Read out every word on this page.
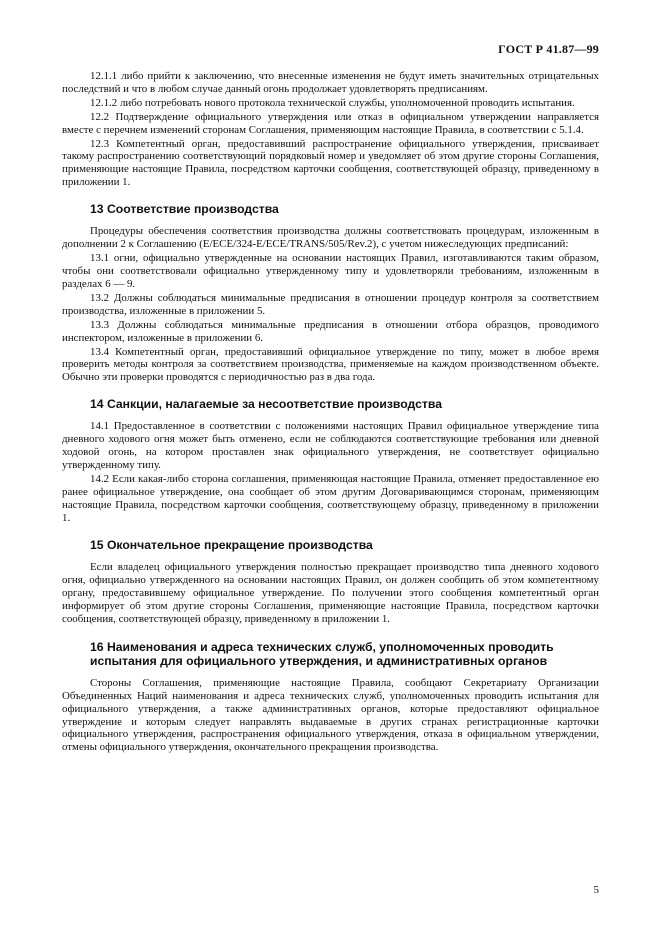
ГОСТ Р 41.87—99

12.1.1 либо прийти к заключению, что внесенные изменения не будут иметь значительных отрицательных последствий и что в любом случае данный огонь продолжает удовлетворять предписаниям.

12.1.2 либо потребовать нового протокола технической службы, уполномоченной проводить испытания.

12.2 Подтверждение официального утверждения или отказ в официальном утверждении направляется вместе с перечнем изменений сторонам Соглашения, применяющим настоящие Правила, в соответствии с 5.1.4.

12.3 Компетентный орган, предоставивший распространение официального утверждения, присваивает такому распространению соответствующий порядковый номер и уведомляет об этом другие стороны Соглашения, применяющие настоящие Правила, посредством карточки сообщения, соответствующей образцу, приведенному в приложении 1.

13 Соответствие производства

Процедуры обеспечения соответствия производства должны соответствовать процедурам, изложенным в дополнении 2 к Соглашению (E/ECE/324-E/ECE/TRANS/505/Rev.2), с учетом нижеследующих предписаний:

13.1 огни, официально утвержденные на основании настоящих Правил, изготавливаются таким образом, чтобы они соответствовали официально утвержденному типу и удовлетворяли требованиям, изложенным в разделах 6 — 9.

13.2 Должны соблюдаться минимальные предписания в отношении процедур контроля за соответствием производства, изложенные в приложении 5.

13.3 Должны соблюдаться минимальные предписания в отношении отбора образцов, проводимого инспектором, изложенные в приложении 6.

13.4 Компетентный орган, предоставивший официальное утверждение по типу, может в любое время проверить методы контроля за соответствием производства, применяемые на каждом производственном объекте. Обычно эти проверки проводятся с периодичностью раз в два года.

14 Санкции, налагаемые за несоответствие производства

14.1 Предоставленное в соответствии с положениями настоящих Правил официальное утверждение типа дневного ходового огня может быть отменено, если не соблюдаются соответствующие требования или дневной ходовой огонь, на котором проставлен знак официального утверждения, не соответствует официально утвержденному типу.

14.2 Если какая-либо сторона соглашения, применяющая настоящие Правила, отменяет предоставленное ею ранее официальное утверждение, она сообщает об этом другим Договаривающимся сторонам, применяющим настоящие Правила, посредством карточки сообщения, соответствующему образцу, приведенному в приложении 1.

15 Окончательное прекращение производства

Если владелец официального утверждения полностью прекращает производство типа дневного ходового огня, официально утвержденного на основании настоящих Правил, он должен сообщить об этом компетентному органу, предоставившему официальное утверждение. По получении этого сообщения компетентный орган информирует об этом другие стороны Соглашения, применяющие настоящие Правила, посредством карточки сообщения, соответствующей образцу, приведенному в приложении 1.

16 Наименования и адреса технических служб, уполномоченных проводить испытания для официального утверждения, и административных органов

Стороны Соглашения, применяющие настоящие Правила, сообщают Секретариату Организации Объединенных Наций наименования и адреса технических служб, уполномоченных проводить испытания для официального утверждения, а также административных органов, которые предоставляют официальное утверждение и которым следует направлять выдаваемые в других странах регистрационные карточки официального утверждения, распространения официального утверждения, отказа в официальном утверждении, отмены официального утверждения, окончательного прекращения производства.

5
